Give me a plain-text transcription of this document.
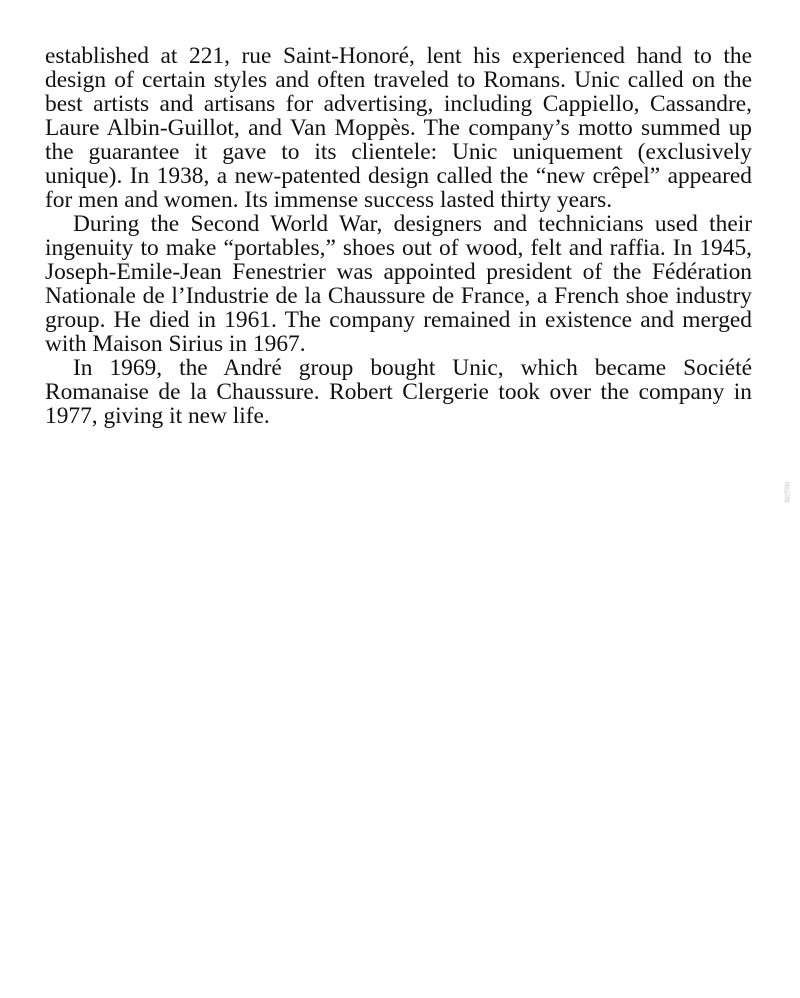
established at 221, rue Saint-Honoré, lent his experienced hand to the design of certain styles and often traveled to Romans. Unic called on the best artists and artisans for advertising, including Cappiello, Cassandre, Laure Albin-Guillot, and Van Moppès. The company’s motto summed up the guarantee it gave to its clientele: Unic uniquement (exclusively unique). In 1938, a new-patented design called the “new crêpel” appeared for men and women. Its immense success lasted thirty years.

During the Second World War, designers and technicians used their ingenuity to make “portables,” shoes out of wood, felt and raffia. In 1945, Joseph-Emile-Jean Fenestrier was appointed president of the Fédération Nationale de l’Industrie de la Chaussure de France, a French shoe industry group. He died in 1961. The company remained in existence and merged with Maison Sirius in 1967.

In 1969, the André group bought Unic, which became Société Romanaise de la Chaussure. Robert Clergerie took over the company in 1977, giving it new life.

蒼松書
